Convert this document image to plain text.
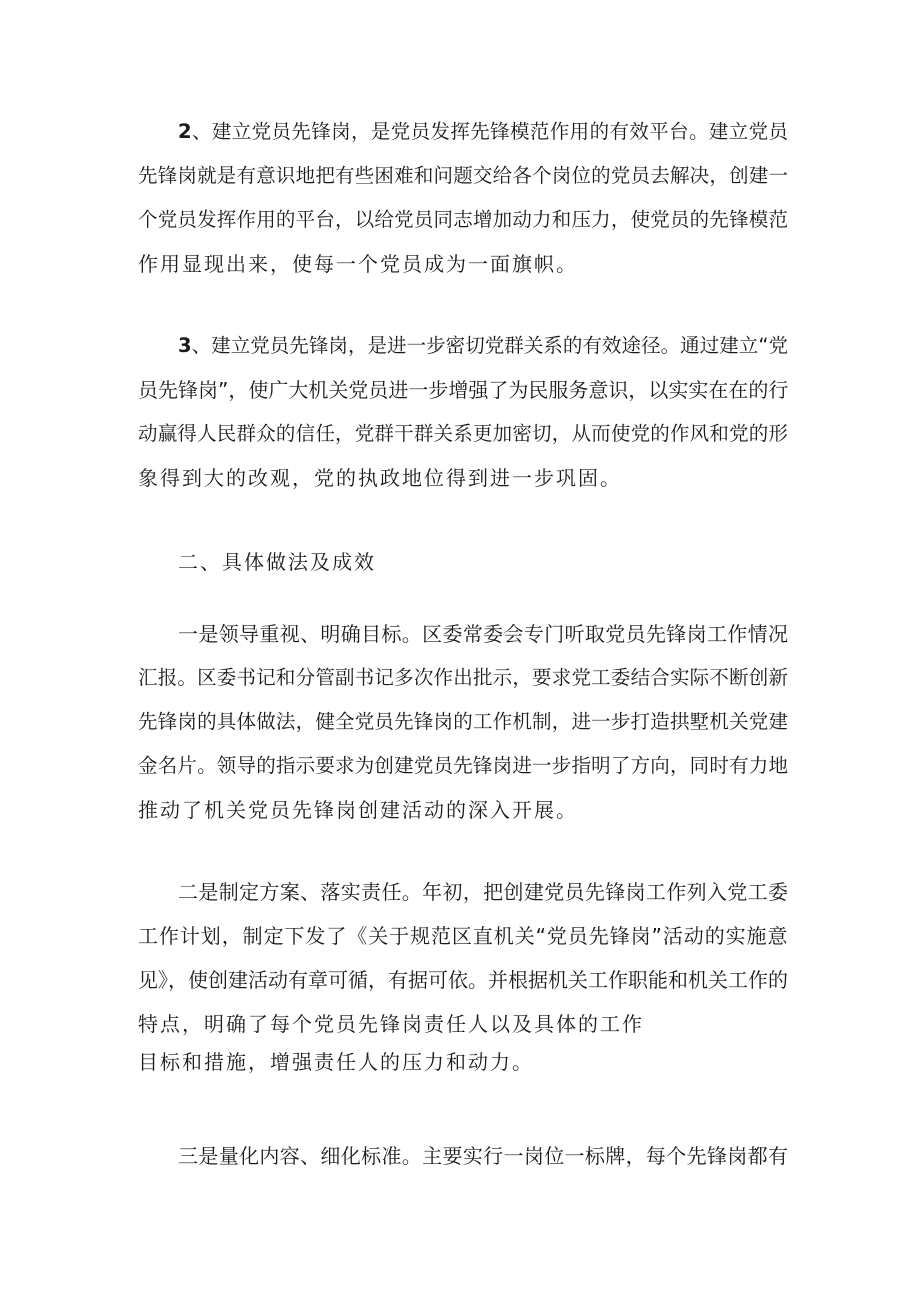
2、建立党员先锋岗，是党员发挥先锋模范作用的有效平台。建立党员
先锋岗就是有意识地把有些困难和问题交给各个岗位的党员去解决，创建一
个党员发挥作用的平台，以给党员同志增加动力和压力，使党员的先锋模范
作用显现出来，使每一个党员成为一面旗帜。
3、建立党员先锋岗，是进一步密切党群关系的有效途径。通过建立“党
员先锋岗”，使广大机关党员进一步增强了为民服务意识，以实实在在的行
动赢得人民群众的信任，党群干群关系更加密切，从而使党的作风和党的形
象得到大的改观，党的执政地位得到进一步巩固。
二、具体做法及成效
一是领导重视、明确目标。区委常委会专门听取党员先锋岗工作情况
汇报。区委书记和分管副书记多次作出批示，要求党工委结合实际不断创新
先锋岗的具体做法，健全党员先锋岗的工作机制，进一步打造拱墅机关党建
金名片。领导的指示要求为创建党员先锋岗进一步指明了方向，同时有力地
推动了机关党员先锋岗创建活动的深入开展。
二是制定方案、落实责任。年初，把创建党员先锋岗工作列入党工委
工作计划，制定下发了《关于规范区直机关“党员先锋岗”活动的实施意
见》，使创建活动有章可循，有据可依。并根据机关工作职能和机关工作的
特点，明确了每个党员先锋岗责任人以及具体的工作
目标和措施，增强责任人的压力和动力。
三是量化内容、细化标准。主要实行一岗位一标牌，每个先锋岗都有
